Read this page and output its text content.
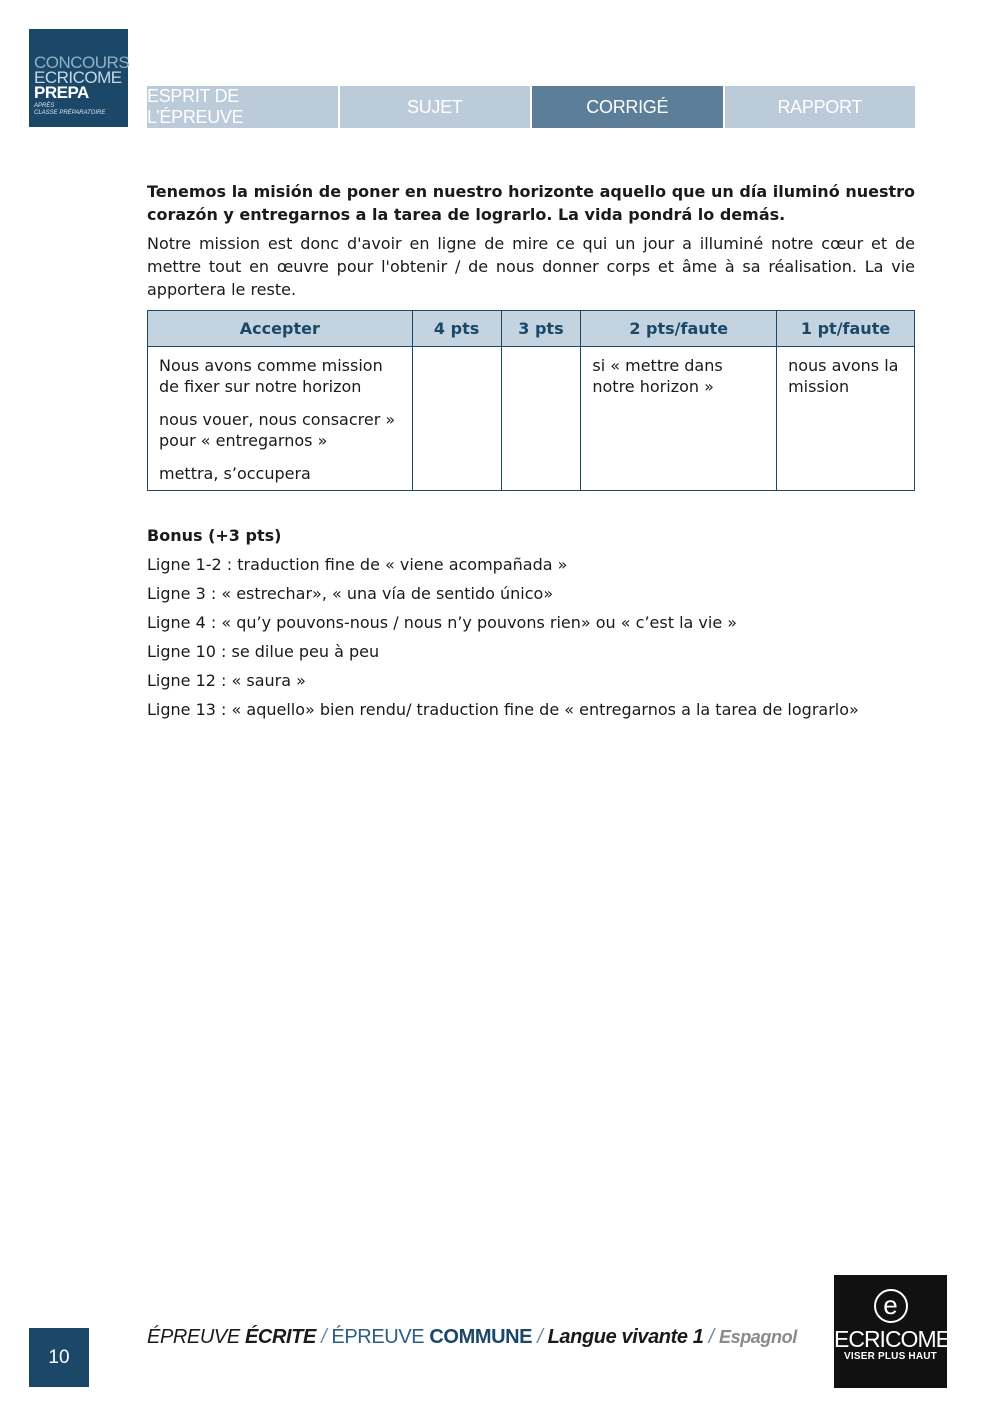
CONCOURS
ECRICOME
PREPA
APRÈS
CLASSE PRÉPARATOIRE
ESPRIT DE L’ÉPREUVE
SUJET	CORRIGÉ	RAPPORT

Tenemos la misión de poner en nuestro horizonte aquello que un día iluminó nuestro corazón y entregarnos a la tarea de lograrlo. La vida pondrá lo demás.

Notre mission est donc d'avoir en ligne de mire ce qui un jour a illuminé notre cœur et de mettre tout en œuvre pour l'obtenir / de nous donner corps et âme à sa réalisation. La vie apportera le reste.

Accepter	4 pts	3 pts	2 pts/faute	1 pt/faute

Nous avons comme mission de fixer sur notre horizon

nous vouer, nous consacrer » pour « entregarnos »

mettra, s’occupera			si « mettre dans notre horizon »	nous avons la mission
Bonus (+3 pts)
Ligne 1-2 : traduction fine de « viene acompañada »
Ligne 3 : « estrechar», « una vía de sentido único»
Ligne 4 : « qu’y pouvons-nous / nous n’y pouvons rien» ou « c’est la vie »
Ligne 10 : se dilue peu à peu
Ligne 12 : « saura »
Ligne 13 : « aquello» bien rendu/ traduction fine de « entregarnos a la tarea de lograrlo»
10
ÉPREUVE ÉCRITE / ÉPREUVE COMMUNE / Langue vivante 1 / Espagnol
e
ECRICOME
VISER PLUS HAUT
